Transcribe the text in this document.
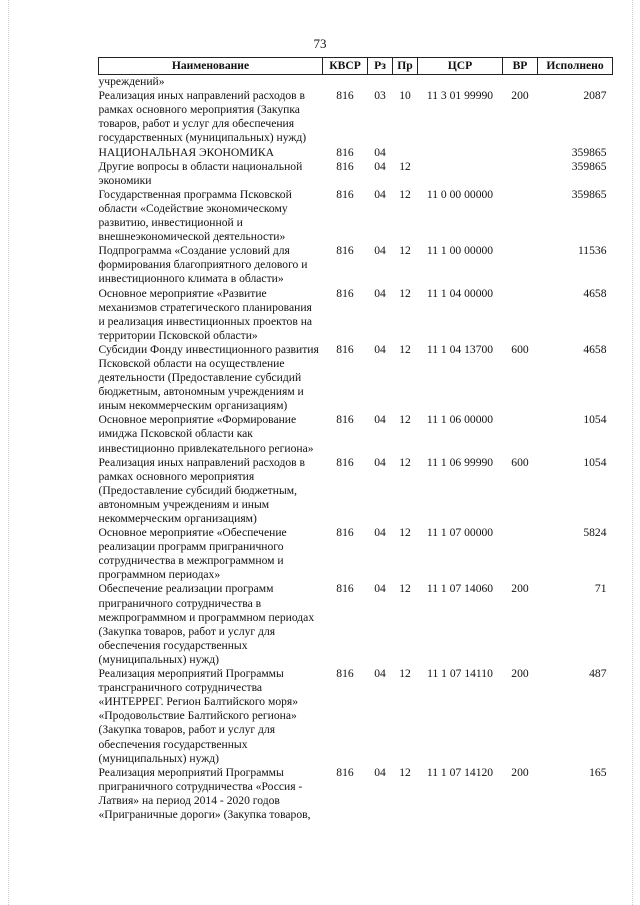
73
Наименование	КВСР	Рз	Пр	ЦСР	ВР	Исполнено
учреждений»						
Реализация иных направлений расходов в рамках основного мероприятия (Закупка товаров, работ и услуг для обеспечения государственных (муниципальных) нужд)	816	03	10	11 3 01 99990	200	2087
НАЦИОНАЛЬНАЯ ЭКОНОМИКА	816	04				359865
Другие вопросы в области национальной экономики	816	04	12			359865
Государственная программа Псковской области «Содействие экономическому развитию, инвестиционной и внешнеэкономической деятельности»	816	04	12	11 0 00 00000		359865
Подпрограмма «Создание условий для формирования благоприятного делового и инвестиционного климата в области»	816	04	12	11 1 00 00000		11536
Основное мероприятие «Развитие механизмов стратегического планирования и реализация инвестиционных проектов на территории Псковской области»	816	04	12	11 1 04 00000		4658
Субсидии Фонду инвестиционного развития Псковской области на осуществление деятельности (Предоставление субсидий бюджетным, автономным учреждениям и иным некоммерческим организациям)	816	04	12	11 1 04 13700	600	4658
Основное мероприятие «Формирование имиджа Псковской области как инвестиционно привлекательного региона»	816	04	12	11 1 06 00000		1054
Реализация иных направлений расходов в рамках основного мероприятия (Предоставление субсидий бюджетным, автономным учреждениям и иным некоммерческим организациям)	816	04	12	11 1 06 99990	600	1054
Основное мероприятие «Обеспечение реализации программ приграничного сотрудничества в межпрограммном и программном периодах»	816	04	12	11 1 07 00000		5824
Обеспечение реализации программ приграничного сотрудничества в межпрограммном и программном периодах (Закупка товаров, работ и услуг для обеспечения государственных (муниципальных) нужд)	816	04	12	11 1 07 14060	200	71
Реализация мероприятий Программы трансграничного сотрудничества «ИНТЕРРЕГ. Регион Балтийского моря» «Продовольствие Балтийского региона» (Закупка товаров, работ и услуг для обеспечения государственных (муниципальных) нужд)	816	04	12	11 1 07 14110	200	487
Реализация мероприятий Программы приграничного сотрудничества «Россия - Латвия» на период 2014 - 2020 годов «Приграничные дороги» (Закупка товаров,	816	04	12	11 1 07 14120	200	165
